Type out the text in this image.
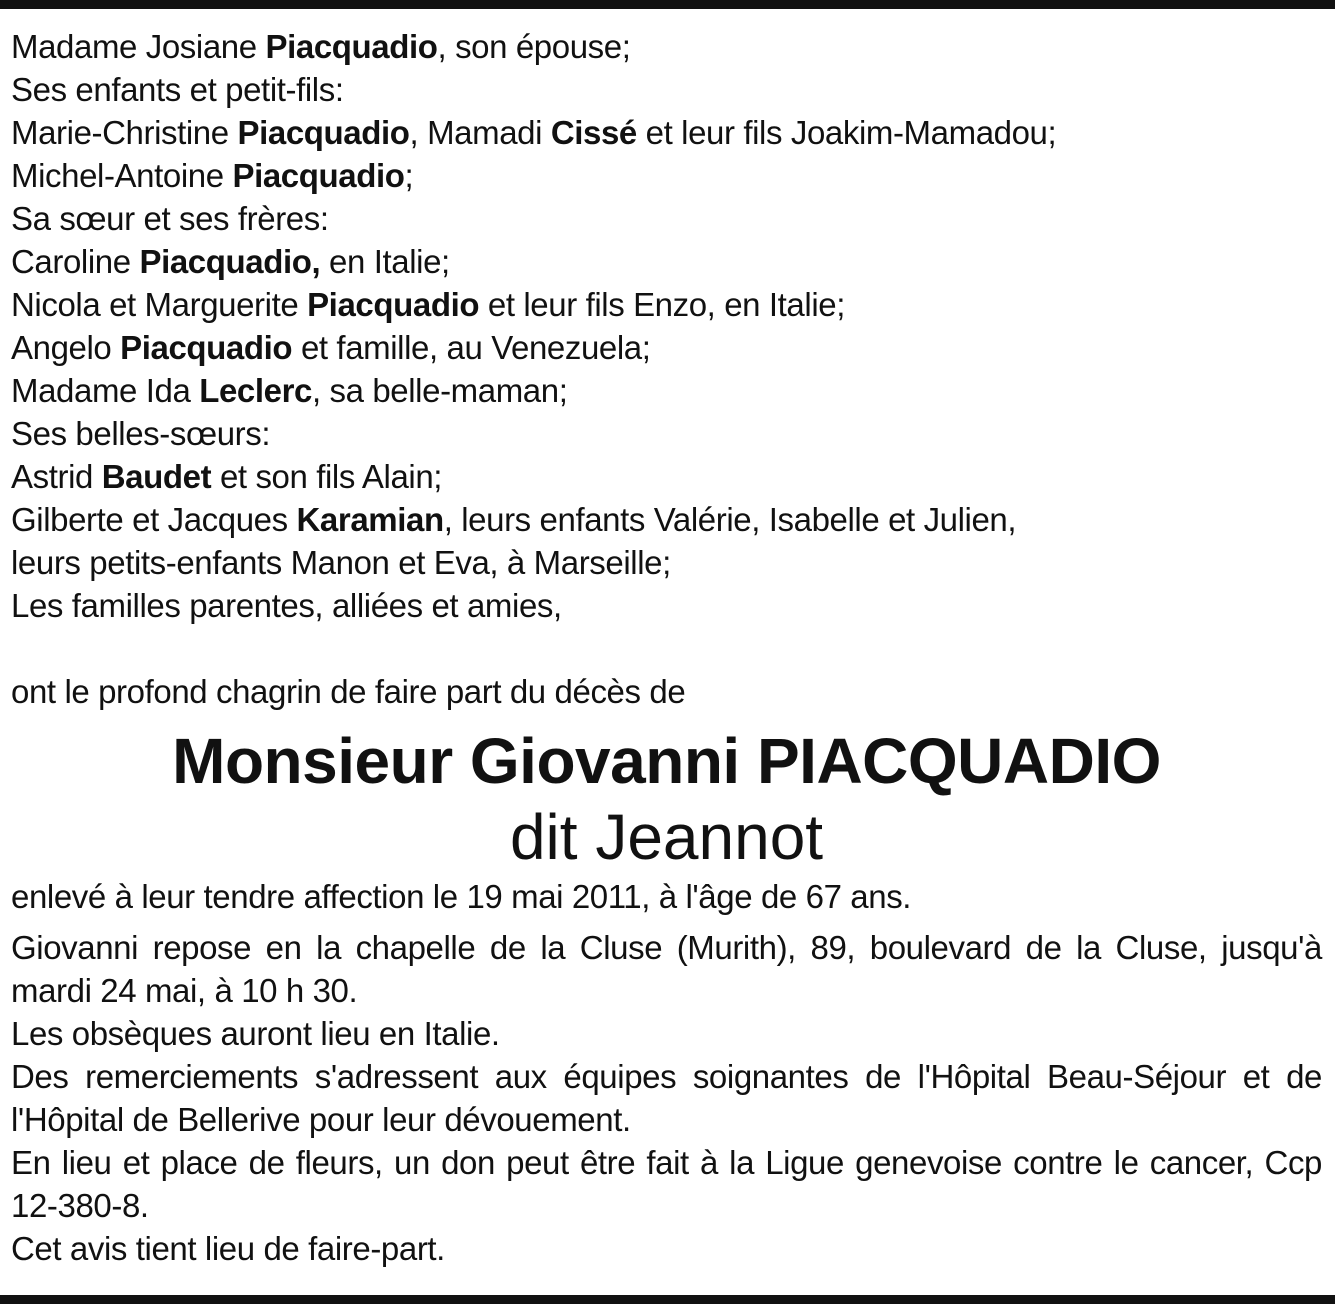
Madame Josiane Piacquadio, son épouse;
Ses enfants et petit-fils:
Marie-Christine Piacquadio, Mamadi Cissé et leur fils Joakim-Mamadou;
Michel-Antoine Piacquadio;
Sa sœur et ses frères:
Caroline Piacquadio, en Italie;
Nicola et Marguerite Piacquadio et leur fils Enzo, en Italie;
Angelo Piacquadio et famille, au Venezuela;
Madame Ida Leclerc, sa belle-maman;
Ses belles-sœurs:
Astrid Baudet et son fils Alain;
Gilberte et Jacques Karamian, leurs enfants Valérie, Isabelle et Julien,
leurs petits-enfants Manon et Eva, à Marseille;
Les familles parentes, alliées et amies,
ont le profond chagrin de faire part du décès de
Monsieur Giovanni PIACQUADIO
dit Jeannot
enlevé à leur tendre affection le 19 mai 2011, à l'âge de 67 ans.
Giovanni repose en la chapelle de la Cluse (Murith), 89, boulevard de la Cluse, jusqu'à mardi 24 mai, à 10 h 30.
Les obsèques auront lieu en Italie.
Des remerciements s'adressent aux équipes soignantes de l'Hôpital Beau-Séjour et de l'Hôpital de Bellerive pour leur dévouement.
En lieu et place de fleurs, un don peut être fait à la Ligue genevoise contre le cancer, Ccp 12-380-8.
Cet avis tient lieu de faire-part.
